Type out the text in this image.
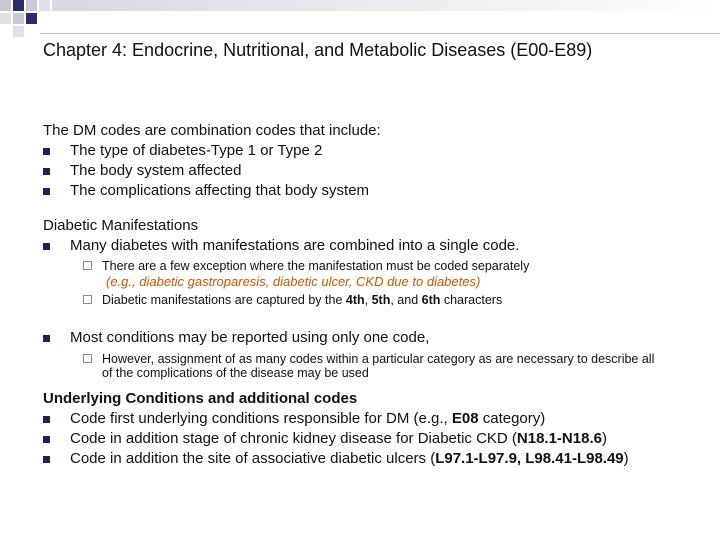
Chapter 4: Endocrine, Nutritional, and Metabolic Diseases (E00-E89)
The DM codes are combination codes that include:
The type of diabetes-Type 1 or Type 2
The body system affected
The complications affecting that body system
Diabetic Manifestations
Many diabetes with manifestations are combined into a single code.
There are a few exception where the manifestation must be coded separately
(e.g., diabetic gastroparesis, diabetic ulcer, CKD due to diabetes)
Diabetic manifestations are captured by the 4th, 5th, and 6th characters
Most conditions may be reported using only one code,
However, assignment of as many codes within a particular category as are necessary to describe all of the complications of the disease may be used
Underlying Conditions and additional codes
Code first underlying conditions responsible for DM (e.g., E08 category)
Code in addition stage of chronic kidney disease for Diabetic CKD (N18.1-N18.6)
Code in addition the site of associative diabetic ulcers (L97.1-L97.9, L98.41-L98.49)
